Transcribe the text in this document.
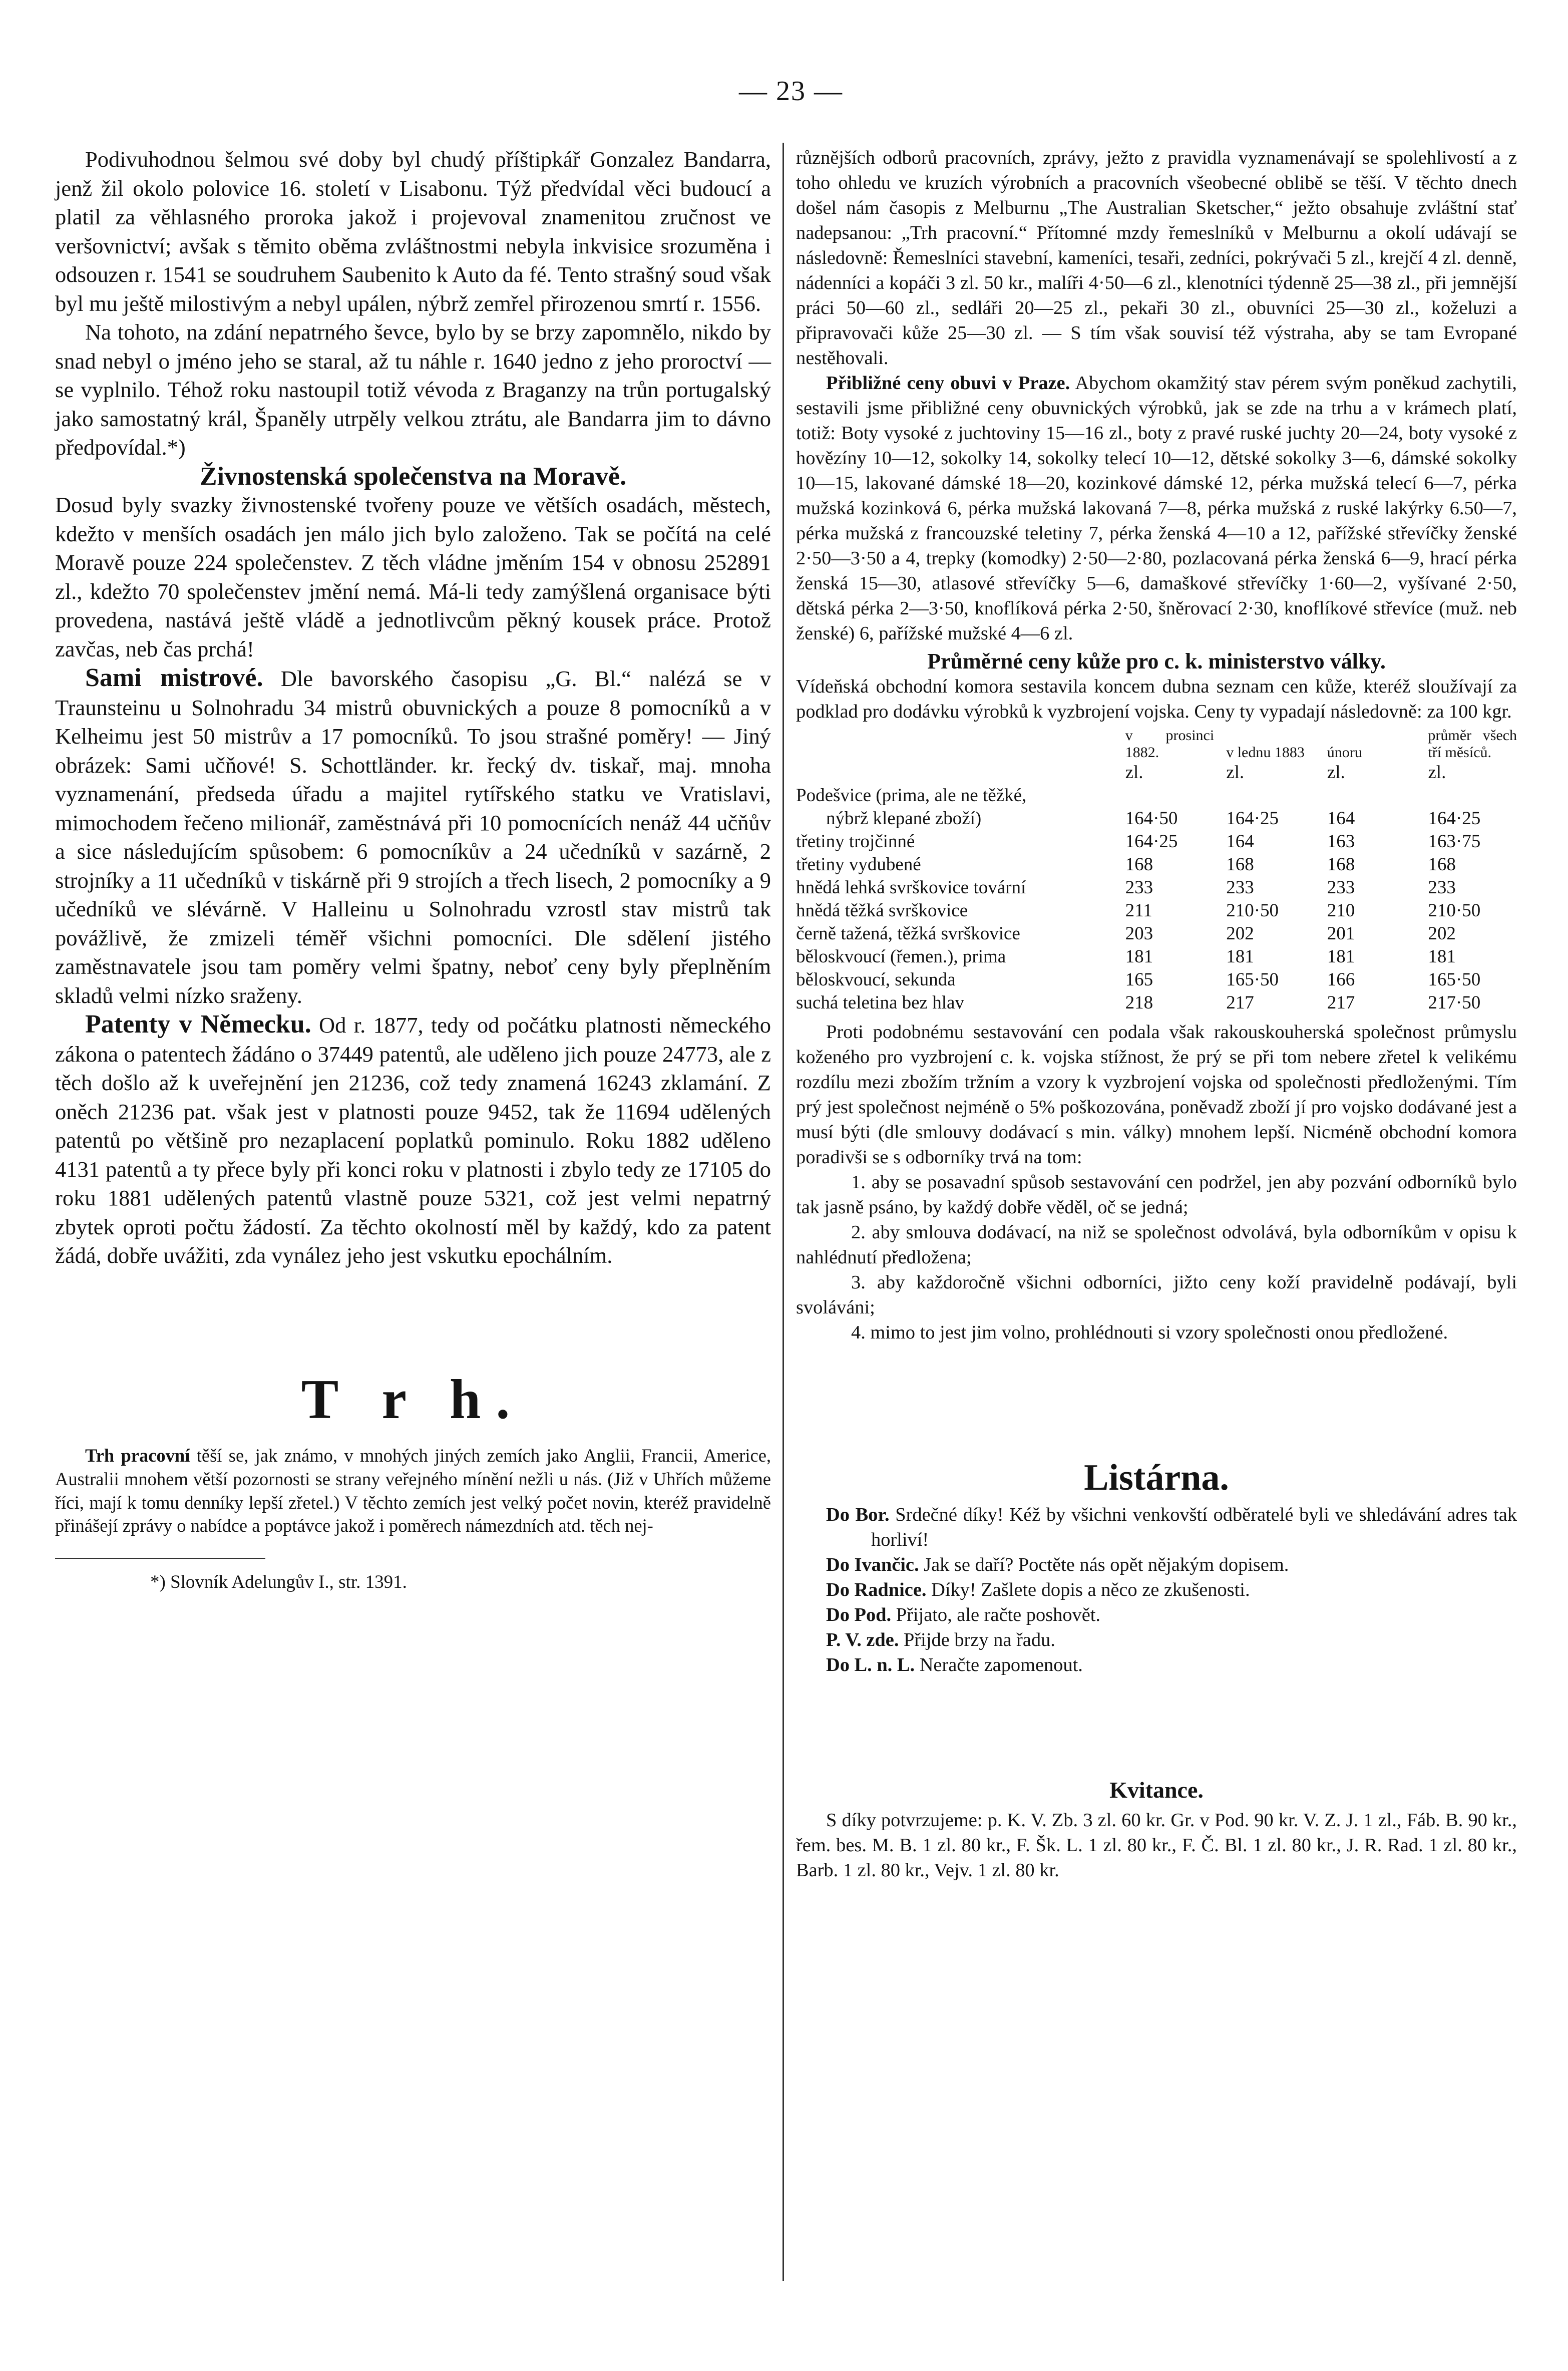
— 23 —

Podivuhodnou šelmou své doby byl chudý příštipkář Gonzalez Bandarra, jenž žil okolo polovice 16. století v Lisabonu. Týž předvídal věci budoucí a platil za věhlasného proroka jakož i projevoval znamenitou zručnost ve veršovnictví; avšak s těmito oběma zvláštnostmi nebyla inkvisice srozuměna i odsouzen r. 1541 se soudruhem Saubenito k Auto da fé. Tento strašný soud však byl mu ještě milostivým a nebyl upálen, nýbrž zemřel přirozenou smrtí r. 1556.

Na tohoto, na zdání nepatrného ševce, bylo by se brzy zapomnělo, nikdo by snad nebyl o jméno jeho se staral, až tu náhle r. 1640 jedno z jeho proroctví — se vyplnilo. Téhož roku nastoupil totiž vévoda z Braganzy na trůn portugalský jako samostatný král, Španěly utrpěly velkou ztrátu, ale Bandarra jim to dávno předpovídal.*)

Živnostenská společenstva na Moravě.

Dosud byly svazky živnostenské tvořeny pouze ve větších osadách, městech, kdežto v menších osadách jen málo jich bylo založeno. Tak se počítá na celé Moravě pouze 224 společenstev. Z těch vládne jměním 154 v obnosu 252891 zl., kdežto 70 společenstev jmění nemá. Má-li tedy zamýšlená organisace býti provedena, nastává ještě vládě a jednotlivcům pěkný kousek práce. Protož zavčas, neb čas prchá!

Sami mistrové. Dle bavorského časopisu „G. Bl.“ nalézá se v Traunsteinu u Solnohradu 34 mistrů obuvnických a pouze 8 pomocníků a v Kelheimu jest 50 mistrův a 17 pomocníků. To jsou strašné poměry! — Jiný obrázek: Sami učňové! S. Schottländer. kr. řecký dv. tiskař, maj. mnoha vyznamenání, předseda úřadu a majitel rytířského statku ve Vratislavi, mimochodem řečeno milionář, zaměstnává při 10 pomocnících nenáž 44 učňův a sice následujícím spůsobem: 6 pomocníkův a 24 učedníků v sazárně, 2 strojníky a 11 učedníků v tiskárně při 9 strojích a třech lisech, 2 pomocníky a 9 učedníků ve slévárně. V Halleinu u Solnohradu vzrostl stav mistrů tak povážlivě, že zmizeli téměř všichni pomocníci. Dle sdělení jistého zaměstnavatele jsou tam poměry velmi špatny, neboť ceny byly přeplněním skladů velmi nízko sraženy.

Patenty v Německu. Od r. 1877, tedy od počátku platnosti německého zákona o patentech žádáno o 37449 patentů, ale uděleno jich pouze 24773, ale z těch došlo až k uveřejnění jen 21236, což tedy znamená 16243 zklamání. Z oněch 21236 pat. však jest v platnosti pouze 9452, tak že 11694 udělených patentů po většině pro nezaplacení poplatků pominulo. Roku 1882 uděleno 4131 patentů a ty přece byly při konci roku v platnosti i zbylo tedy ze 17105 do roku 1881 udělených patentů vlastně pouze 5321, což jest velmi nepatrný zbytek oproti počtu žádostí. Za těchto okolností měl by každý, kdo za patent žádá, dobře uvážiti, zda vynález jeho jest vskutku epochálním.

T r h.

Trh pracovní těší se, jak známo, v mnohých jiných zemích jako Anglii, Francii, Americe, Australii mnohem větší pozornosti se strany veřejného mínění nežli u nás. (Již v Uhřích můžeme říci, mají k tomu denníky lepší zřetel.) V těchto zemích jest velký počet novin, kteréž pravidelně přinášejí zprávy o nabídce a poptávce jakož i poměrech námezdních atd. těch nej-

*) Slovník Adelungův I., str. 1391.

různějších odborů pracovních, zprávy, ježto z pravidla vyznamenávají se spolehlivostí a z toho ohledu ve kruzích výrobních a pracovních všeobecné oblibě se těší. V těchto dnech došel nám časopis z Melburnu „The Australian Sketscher,“ ježto obsahuje zvláštní stať nadepsanou: „Trh pracovní.“ Přítomné mzdy řemeslníků v Melburnu a okolí udávají se následovně: Řemeslníci stavební, kameníci, tesaři, zedníci, pokrývači 5 zl., krejčí 4 zl. denně, nádenníci a kopáči 3 zl. 50 kr., malíři 4·50—6 zl., klenotníci týdenně 25—38 zl., při jemnější práci 50—60 zl., sedláři 20—25 zl., pekaři 30 zl., obuvníci 25—30 zl., koželuzi a připravovači kůže 25—30 zl. — S tím však souvisí též výstraha, aby se tam Evropané nestěhovali.

Přibližné ceny obuvi v Praze. Abychom okamžitý stav pérem svým poněkud zachytili, sestavili jsme přibližné ceny obuvnických výrobků, jak se zde na trhu a v krámech platí, totiž: Boty vysoké z juchtoviny 15—16 zl., boty z pravé ruské juchty 20—24, boty vysoké z hovězíny 10—12, sokolky 14, sokolky telecí 10—12, dětské sokolky 3—6, dámské sokolky 10—15, lakované dámské 18—20, kozinkové dámské 12, pérka mužská telecí 6—7, pérka mužská kozinková 6, pérka mužská lakovaná 7—8, pérka mužská z ruské lakýrky 6.50—7, pérka mužská z francouzské teletiny 7, pérka ženská 4—10 a 12, pařížské střevíčky ženské 2·50—3·50 a 4, trepky (komodky) 2·50—2·80, pozlacovaná pérka ženská 6—9, hrací pérka ženská 15—30, atlasové střevíčky 5—6, damaškové střevíčky 1·60—2, vyšívané 2·50, dětská pérka 2—3·50, knoflíková pérka 2·50, šněrovací 2·30, knoflíkové střevíce (muž. neb ženské) 6, pařížské mužské 4—6 zl.

Průměrné ceny kůže pro c. k. ministerstvo války.

Vídeňská obchodní komora sestavila koncem dubna seznam cen kůže, kteréž sloužívají za podklad pro dodávku výrobků k vyzbrojení vojska. Ceny ty vypadají následovně: za 100 kgr.

	v prosinci 1882.	v lednu 1883	únoru	průměr všech tří měsíců.
	zl.	zl.	zl.	zl.
Podešvice (prima, ale ne těžké,				
nýbrž klepané zboží)	164·50	164·25	164	164·25
třetiny trojčinné	164·25	164	163	163·75
třetiny vydubené	168	168	168	168
hnědá lehká svrškovice tovární	233	233	233	233
hnědá těžká svrškovice	211	210·50	210	210·50
černě tažená, těžká svrškovice	203	202	201	202
běloskvoucí (řemen.), prima	181	181	181	181
běloskvoucí, sekunda	165	165·50	166	165·50
suchá teletina bez hlav	218	217	217	217·50

Proti podobnému sestavování cen podala však rakouskouherská společnost průmyslu koženého pro vyzbrojení c. k. vojska stížnost, že prý se při tom nebere zřetel k velikému rozdílu mezi zbožím tržním a vzory k vyzbrojení vojska od společnosti předloženými. Tím prý jest společnost nejméně o 5% poškozována, poněvadž zboží jí pro vojsko dodávané jest a musí býti (dle smlouvy dodávací s min. války) mnohem lepší. Nicméně obchodní komora poradivši se s odborníky trvá na tom:

1. aby se posavadní spůsob sestavování cen podržel, jen aby pozvání odborníků bylo tak jasně psáno, by každý dobře věděl, oč se jedná;

2. aby smlouva dodávací, na niž se společnost odvolává, byla odborníkům v opisu k nahlédnutí předložena;

3. aby každoročně všichni odborníci, jižto ceny koží pravidelně podávají, byli svoláváni;

4. mimo to jest jim volno, prohlédnouti si vzory společnosti onou předložené.

Listárna.

Do Bor. Srdečné díky! Kéž by všichni venkovští odběratelé byli ve shledávání adres tak horliví!

Do Ivančic. Jak se daří? Poctěte nás opět nějakým dopisem.

Do Radnice. Díky! Zašlete dopis a něco ze zkušenosti.

Do Pod. Přijato, ale račte poshovět.

P. V. zde. Přijde brzy na řadu.

Do L. n. L. Neračte zapomenout.

Kvitance.

S díky potvrzujeme: p. K. V. Zb. 3 zl. 60 kr. Gr. v Pod. 90 kr. V. Z. J. 1 zl., Fáb. B. 90 kr., řem. bes. M. B. 1 zl. 80 kr., F. Šk. L. 1 zl. 80 kr., F. Č. Bl. 1 zl. 80 kr., J. R. Rad. 1 zl. 80 kr., Barb. 1 zl. 80 kr., Vejv. 1 zl. 80 kr.
